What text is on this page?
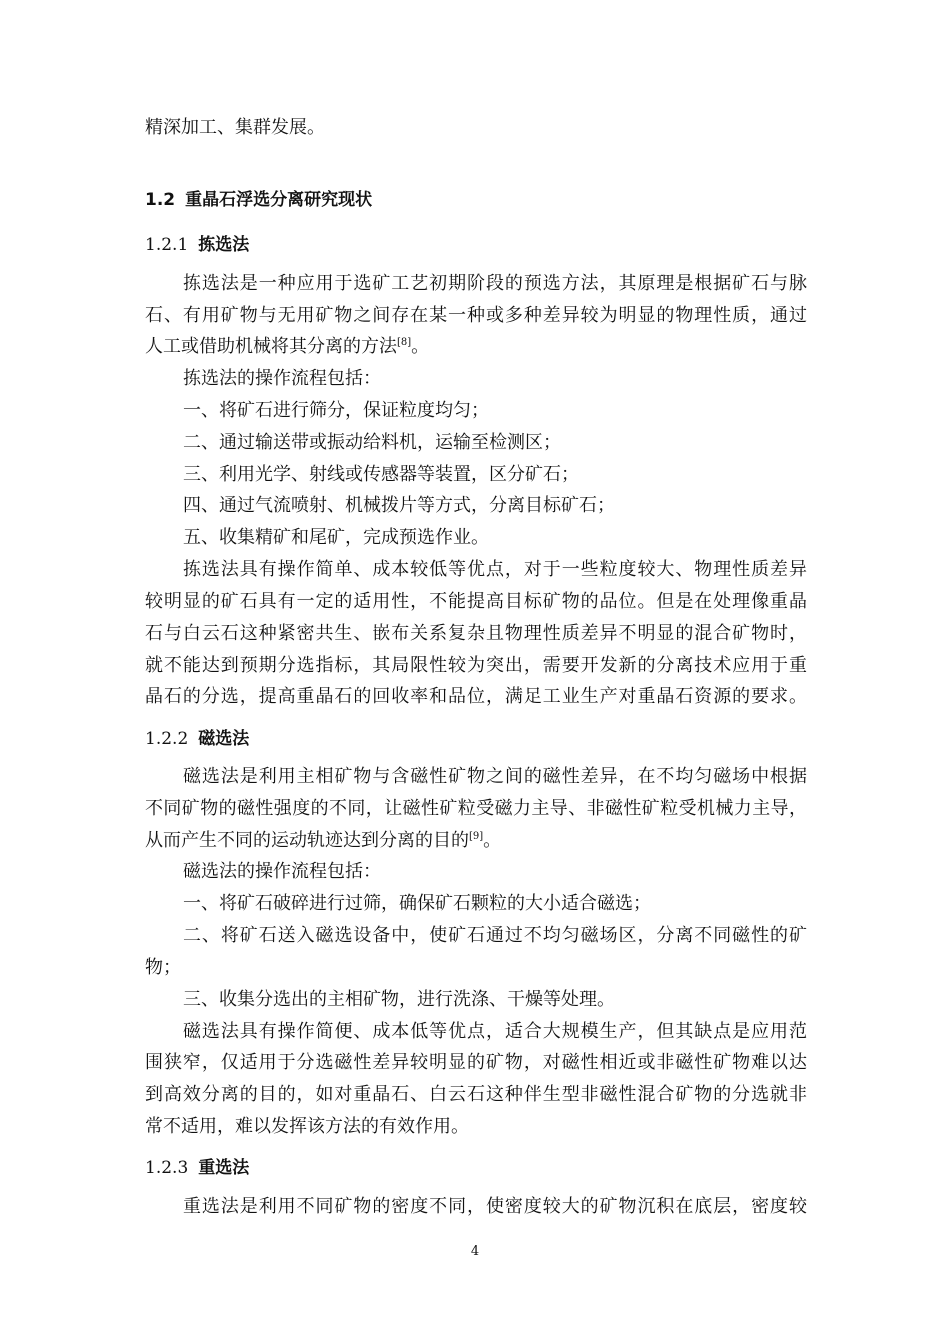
精深加工、集群发展。
1.2 重晶石浮选分离研究现状
1.2.1 拣选法
拣选法是一种应用于选矿工艺初期阶段的预选方法，其原理是根据矿石与脉
石、有用矿物与无用矿物之间存在某一种或多种差异较为明显的物理性质，通过
人工或借助机械将其分离的方法[8]。
拣选法的操作流程包括：
一、将矿石进行筛分，保证粒度均匀；
二、通过输送带或振动给料机，运输至检测区；
三、利用光学、射线或传感器等装置，区分矿石；
四、通过气流喷射、机械拨片等方式，分离目标矿石；
五、收集精矿和尾矿，完成预选作业。
拣选法具有操作简单、成本较低等优点，对于一些粒度较大、物理性质差异
较明显的矿石具有一定的适用性，不能提高目标矿物的品位。但是在处理像重晶
石与白云石这种紧密共生、嵌布关系复杂且物理性质差异不明显的混合矿物时，
就不能达到预期分选指标，其局限性较为突出，需要开发新的分离技术应用于重
晶石的分选，提高重晶石的回收率和品位，满足工业生产对重晶石资源的要求。
1.2.2 磁选法
磁选法是利用主相矿物与含磁性矿物之间的磁性差异，在不均匀磁场中根据
不同矿物的磁性强度的不同，让磁性矿粒受磁力主导、非磁性矿粒受机械力主导，
从而产生不同的运动轨迹达到分离的目的[9]。
磁选法的操作流程包括：
一、将矿石破碎进行过筛，确保矿石颗粒的大小适合磁选；
二、将矿石送入磁选设备中，使矿石通过不均匀磁场区，分离不同磁性的矿
物；
三、收集分选出的主相矿物，进行洗涤、干燥等处理。
磁选法具有操作简便、成本低等优点，适合大规模生产，但其缺点是应用范
围狭窄，仅适用于分选磁性差异较明显的矿物，对磁性相近或非磁性矿物难以达
到高效分离的目的，如对重晶石、白云石这种伴生型非磁性混合矿物的分选就非
常不适用，难以发挥该方法的有效作用。
1.2.3 重选法
重选法是利用不同矿物的密度不同，使密度较大的矿物沉积在底层，密度较
4
